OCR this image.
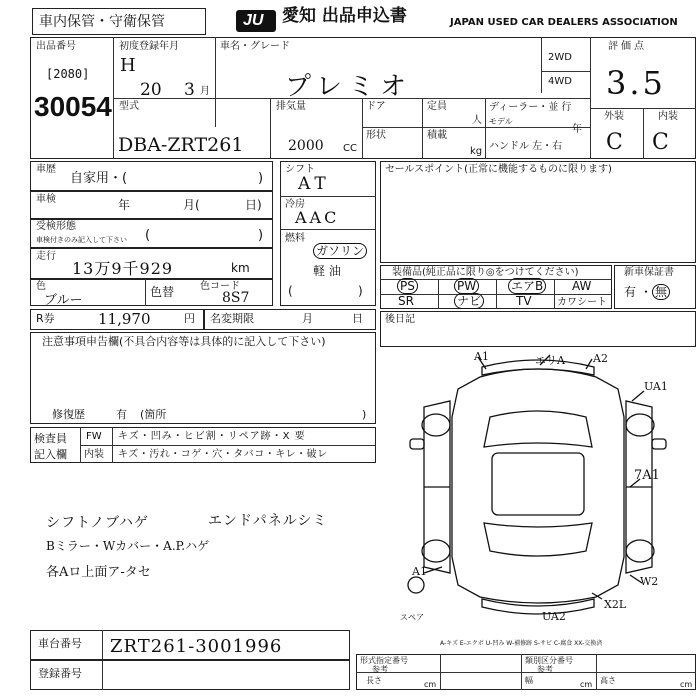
車内保管・守衛保管	JU 愛知 出品申込書	JAPAN USED CAR DEALERS ASSOCIATION
出品番号
[2080]
30054
初度登録年月
H
20 3 月
車名・グレード
プレミオ
2WD
4WD
評価点
3.5
外装	内装
C C
型式
DBA-ZRT261
排気量
2000 CC
ドア	定員
人
形状	積載
kg
ディーラー・並 行
モデル
年
ハンドル 左・右
車歴
自家用・(	)
車検	年	月(	日)
受検形態
車検付きのみ記入して下さい (	)
走行
13万9千929	km
色
ブルー
色替	色コード
8S7
シフト
AT
冷房
AAC
燃料
ガソリン
軽 油
(	)
セールスポイント(正常に機能するものに限ります)
装備品(純正品に限り◎をつけてください)
PS	PW	エアB AW
SR	ナビ	TV	カワシート
新車保証書
有 ・ 無
R券	11,970	円 名変期限	月	日 後日記
注意事項申告欄(不具合内容等は具体的に記入して下さい)
修復歴	有 (箇所	)
検査員
記入欄
FW キズ・凹み・ヒビ割・リペア跡・X 要
内装 キズ・汚れ・コゲ・穴・タバコ・キレ・破レ
シフトノブハゲ	エンドパネルシミ
Bミラー・Wカバー・A.P.ハゲ
各Aロ上面ア-タセ
A1	エリA	A2
UA1
7A1
A1
W2
UA2
X2L
スペア
A-キズ E-エクボ U-凹み W-補修跡 S-サビ C-腐食 XX-交換済
車台番号 ZRT261-3001996
登録番号
形式指定番号	類別区分番号
参考	参考
長さ	cm	幅	cm 高さ	cm
